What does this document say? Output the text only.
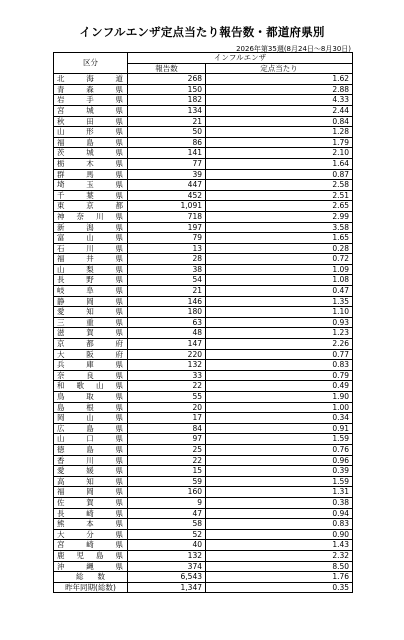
インフルエンザ定点当たり報告数・都道府県別
2026年第35週(8月24日～8月30日)
区分	インフルエンザ	
	報告数	定点当たり
北海道	268	1.62
青森県	150	2.88
岩手県	182	4.33
宮城県	134	2.44
秋田県	21	0.84
山形県	50	1.28
福島県	86	1.79
茨城県	141	2.10
栃木県	77	1.64
群馬県	39	0.87
埼玉県	447	2.58
千葉県	452	2.51
東京都	1,091	2.65
神奈川県	718	2.99
新潟県	197	3.58
富山県	79	1.65
石川県	13	0.28
福井県	28	0.72
山梨県	38	1.09
長野県	54	1.08
岐阜県	21	0.47
静岡県	146	1.35
愛知県	180	1.10
三重県	63	0.93
滋賀県	48	1.23
京都府	147	2.26
大阪府	220	0.77
兵庫県	132	0.83
奈良県	33	0.79
和歌山県	22	0.49
鳥取県	55	1.90
島根県	20	1.00
岡山県	17	0.34
広島県	84	0.91
山口県	97	1.59
徳島県	25	0.76
香川県	22	0.96
愛媛県	15	0.39
高知県	59	1.59
福岡県	160	1.31
佐賀県	9	0.38
長崎県	47	0.94
熊本県	58	0.83
大分県	52	0.90
宮崎県	40	1.43
鹿児島県	132	2.32
沖縄県	374	8.50
総数	6,543	1.76
昨年同期(総数)	1,347	0.35
